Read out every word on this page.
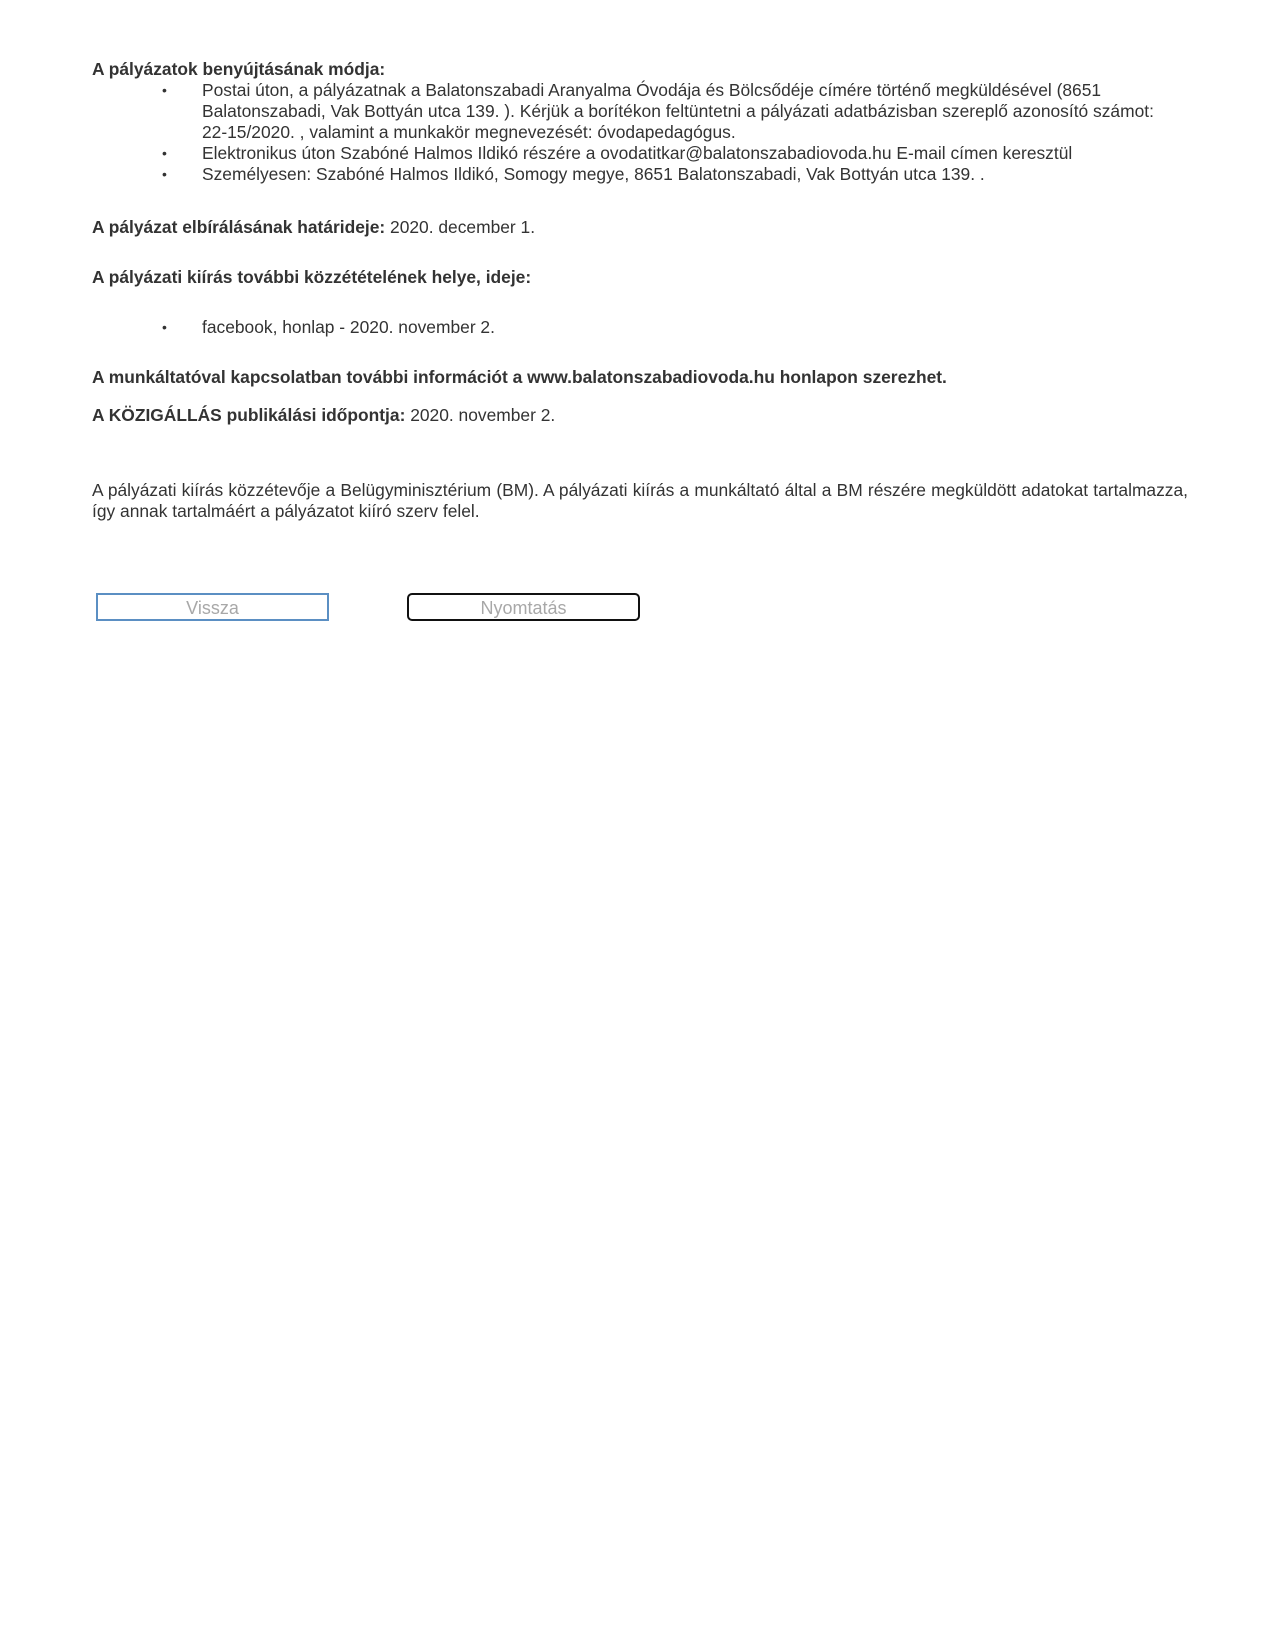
A pályázatok benyújtásának módja:
• Postai úton, a pályázatnak a Balatonszabadi Aranyalma Óvodája és Bölcsődéje címére történő megküldésével (8651 Balatonszabadi, Vak Bottyán utca 139. ). Kérjük a borítékon feltüntetni a pályázati adatbázisban szereplő azonosító számot: 22-15/2020. , valamint a munkakör megnevezését: óvodapedagógus.
• Elektronikus úton Szabóné Halmos Ildikó részére a ovodatitkar@balatonszabadiovoda.hu E-mail címen keresztül
• Személyesen: Szabóné Halmos Ildikó, Somogy megye, 8651 Balatonszabadi, Vak Bottyán utca 139. .
A pályázat elbírálásának határideje: 2020. december 1.
A pályázati kiírás további közzétételének helye, ideje:
• facebook, honlap - 2020. november 2.
A munkáltatóval kapcsolatban további információt a www.balatonszabadiovoda.hu honlapon szerezhet.
A KÖZIGÁLLÁS publikálási időpontja: 2020. november 2.
A pályázati kiírás közzétevője a Belügyminisztérium (BM). A pályázati kiírás a munkáltató által a BM részére megküldött adatokat tartalmazza, így annak tartalmáért a pályázatot kiíró szerv felel.
Vissza	Nyomtatás
